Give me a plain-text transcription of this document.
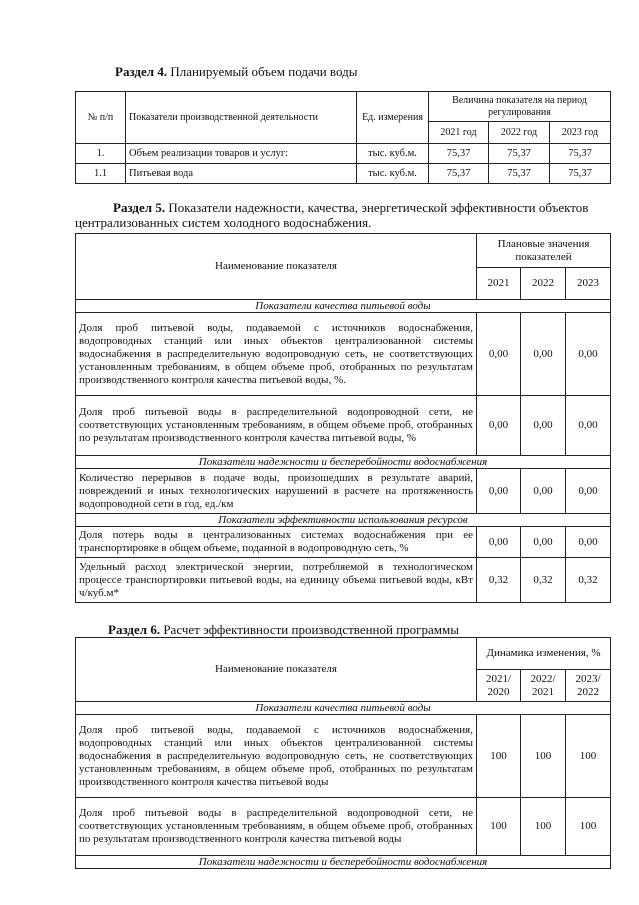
Раздел 4. Планируемый объем подачи воды

№ п/п	Показатели производственной деятельности	Ед. измерения	Величина показателя на период регулирования		
			2021 год	2022 год	2023 год
1.	Объем реализации товаров и услуг:	тыс. куб.м.	75,37	75,37	75,37
1.1	Питьевая вода	тыс. куб.м.	75,37	75,37	75,37

Раздел 5. Показатели надежности, качества, энергетической эффективности объектов централизованных систем холодного водоснабжения.

Наименование показателя	Плановые значения показателей		
	2021	2022	2023
Показатели качества питьевой воды			
Доля проб питьевой воды, подаваемой с источников водоснабжения, водопроводных станций или иных объектов централизованной системы водоснабжения в распределительную водопроводную сеть, не соответствующих установленным требованиям, в общем объеме проб, отобранных по результатам производственного контроля качества питьевой воды, %.	0,00	0,00	0,00
Доля проб питьевой воды в распределительной водопроводной сети, не соответствующих установленным требованиям, в общем объеме проб, отобранных по результатам производственного контроля качества питьевой воды, %	0,00	0,00	0,00
Показатели надежности и бесперебойности водоснабжения			
Количество перерывов в подаче воды, произошедших в результате аварий, повреждений и иных технологических нарушений в расчете на протяженность водопроводной сети в год, ед./км	0,00	0,00	0,00
Показатели эффективности использования ресурсов			
Доля потерь воды в централизованных системах водоснабжения при ее транспортировке в общем объеме, поданной в водопроводную сеть, %	0,00	0,00	0,00
Удельный расход электрической энергии, потребляемой в технологическом процессе транспортировки питьевой воды, на единицу объема питьевой воды, кВт ч/куб.м*	0,32	0,32	0,32

Раздел 6. Расчет эффективности производственной программы

Наименование показателя	Динамика изменения, %		
	2021/ 2020	2022/ 2021	2023/ 2022
Показатели качества питьевой воды			
Доля проб питьевой воды, подаваемой с источников водоснабжения, водопроводных станций или иных объектов централизованной системы водоснабжения в распределительную водопроводную сеть, не соответствующих установленным требованиям, в общем объеме проб, отобранных по результатам производственного контроля качества питьевой воды	100	100	100
Доля проб питьевой воды в распределительной водопроводной сети, не соответствующих установленным требованиям, в общем объеме проб, отобранных по результатам производственного контроля качества питьевой воды	100	100	100
Показатели надежности и бесперебойности водоснабжения			
